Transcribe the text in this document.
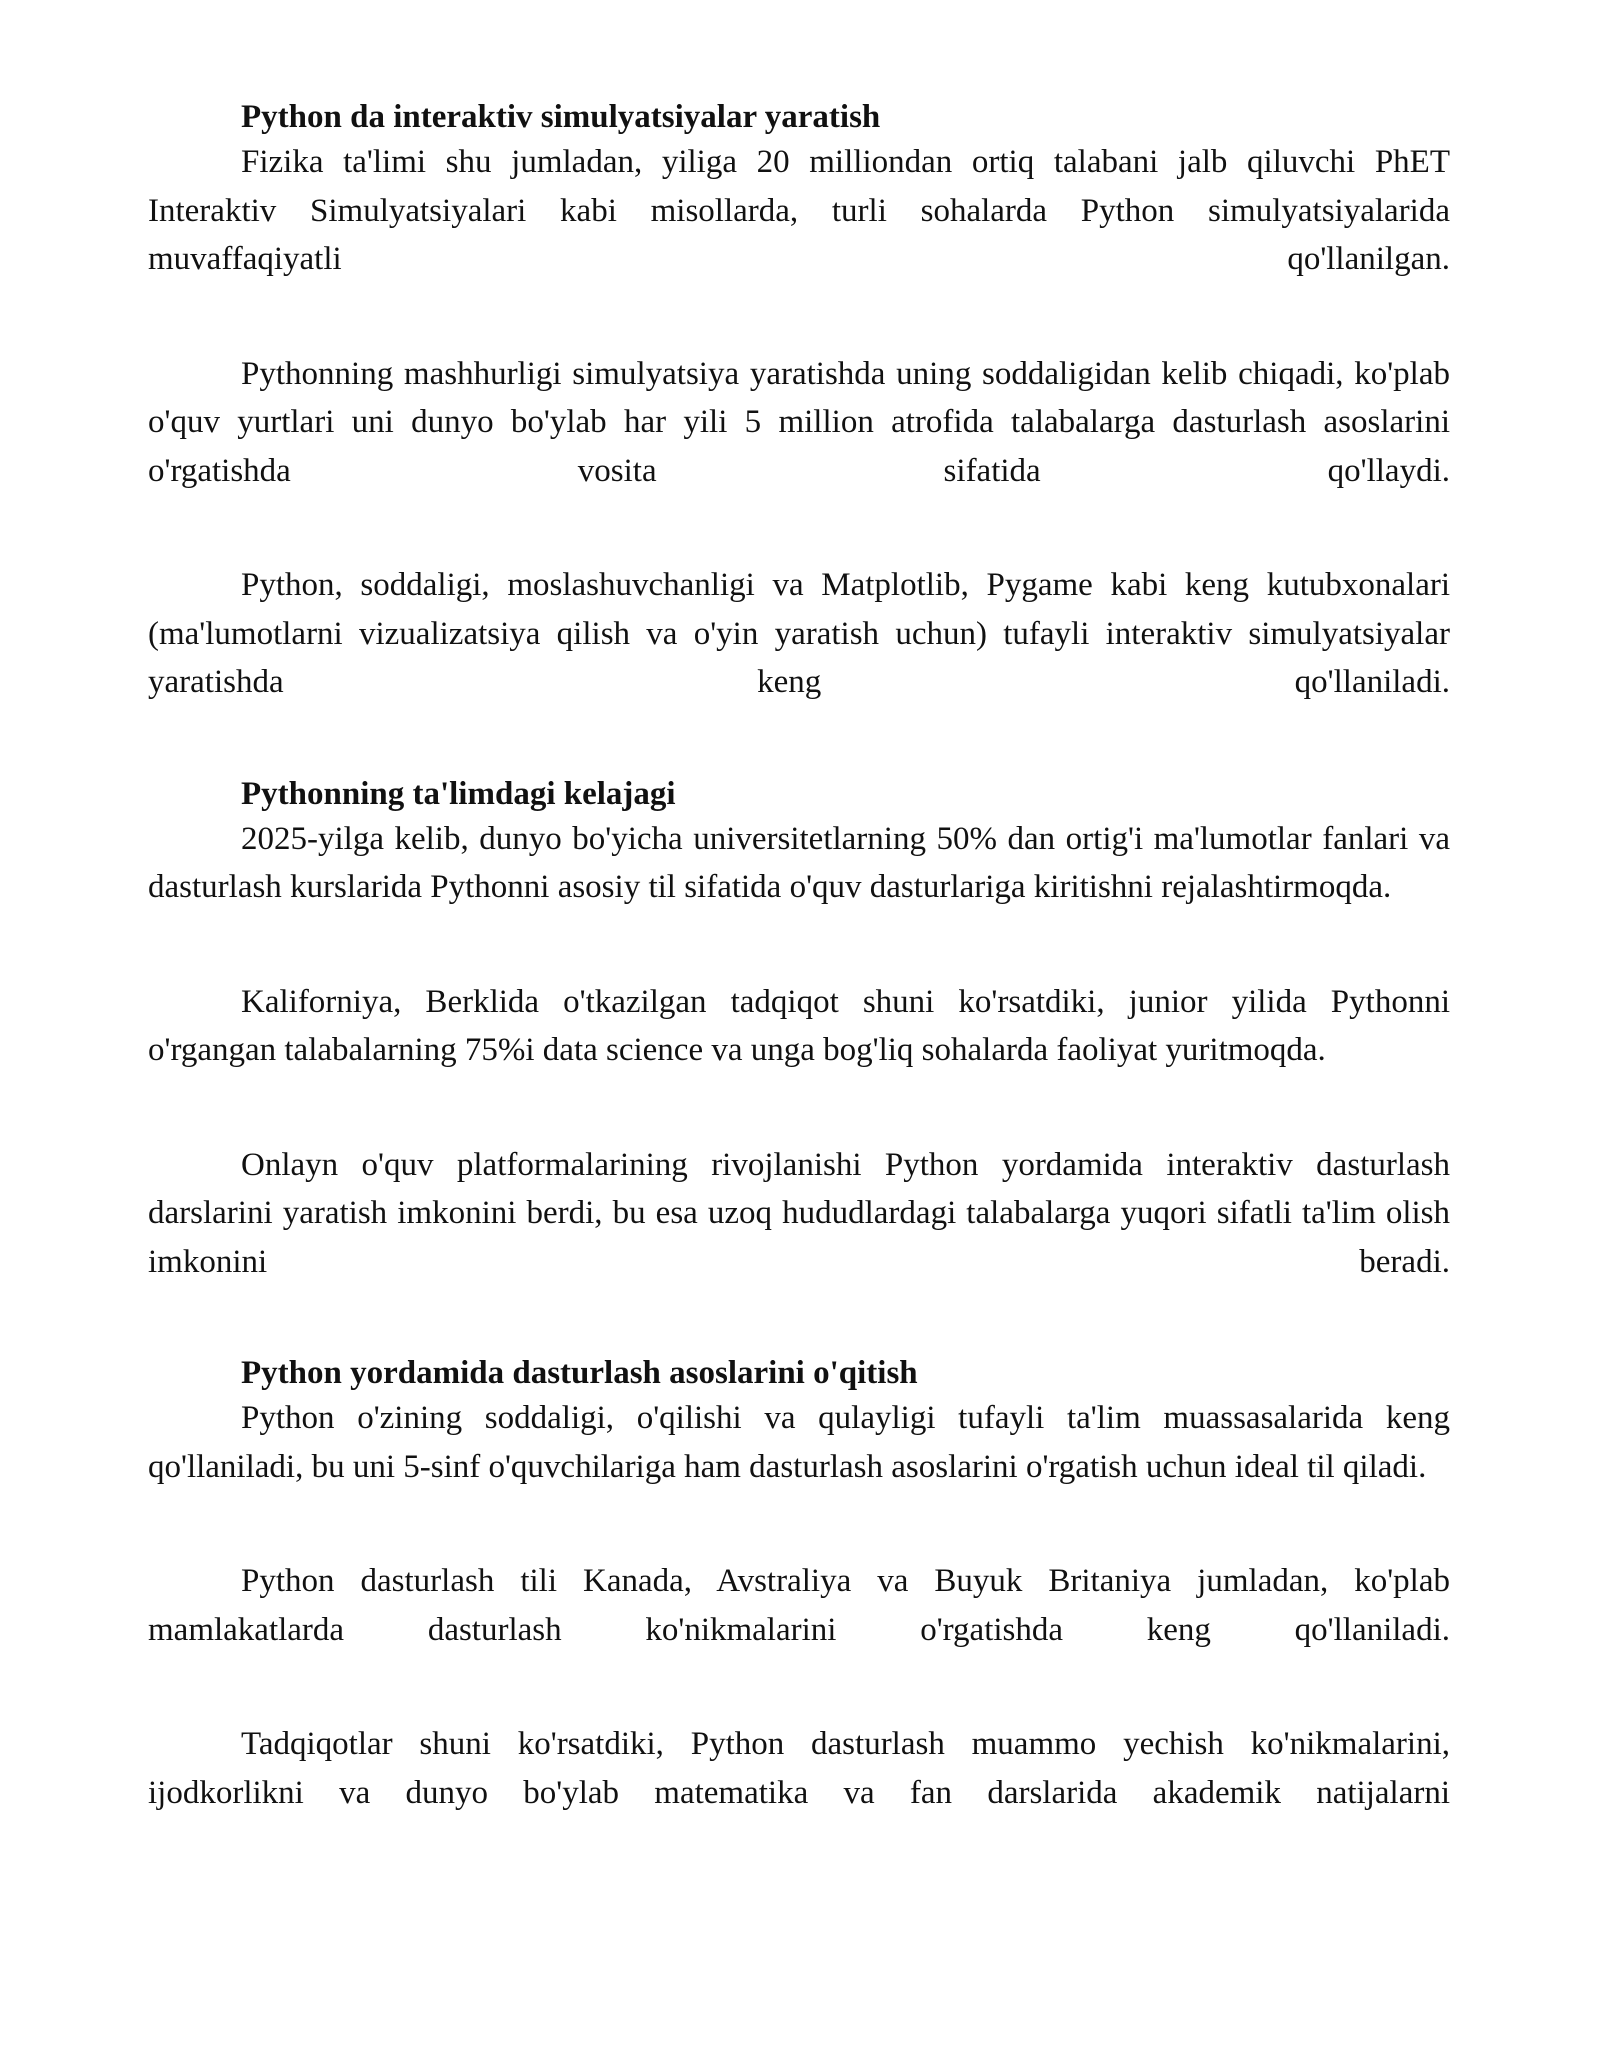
Python da interaktiv simulyatsiyalar yaratish

Fizika ta'limi shu jumladan, yiliga 20 milliondan ortiq talabani jalb qiluvchi PhET Interaktiv Simulyatsiyalari kabi misollarda, turli sohalarda Python simulyatsiyalarida muvaffaqiyatli qo'llanilgan.

Pythonning mashhurligi simulyatsiya yaratishda uning soddaligidan kelib chiqadi, ko'plab o'quv yurtlari uni dunyo bo'ylab har yili 5 million atrofida talabalarga dasturlash asoslarini o'rgatishda vosita sifatida qo'llaydi.

Python, soddaligi, moslashuvchanligi va Matplotlib, Pygame kabi keng kutubxonalari (ma'lumotlarni vizualizatsiya qilish va o'yin yaratish uchun) tufayli interaktiv simulyatsiyalar yaratishda keng qo'llaniladi.

Pythonning ta'limdagi kelajagi

2025-yilga kelib, dunyo bo'yicha universitetlarning 50% dan ortig'i ma'lumotlar fanlari va dasturlash kurslarida Pythonni asosiy til sifatida o'quv dasturlariga kiritishni rejalashtirmoqda.

Kaliforniya, Berklida o'tkazilgan tadqiqot shuni ko'rsatdiki, junior yilida Pythonni o'rgangan talabalarning 75%i data science va unga bog'liq sohalarda faoliyat yuritmoqda.

Onlayn o'quv platformalarining rivojlanishi Python yordamida interaktiv dasturlash darslarini yaratish imkonini berdi, bu esa uzoq hududlardagi talabalarga yuqori sifatli ta'lim olish imkonini beradi.

Python yordamida dasturlash asoslarini o'qitish

Python o'zining soddaligi, o'qilishi va qulayligi tufayli ta'lim muassasalarida keng qo'llaniladi, bu uni 5-sinf o'quvchilariga ham dasturlash asoslarini o'rgatish uchun ideal til qiladi.

Python dasturlash tili Kanada, Avstraliya va Buyuk Britaniya jumladan, ko'plab mamlakatlarda dasturlash ko'nikmalarini o'rgatishda keng qo'llaniladi.

Tadqiqotlar shuni ko'rsatdiki, Python dasturlash muammo yechish ko'nikmalarini, ijodkorlikni va dunyo bo'ylab matematika va fan darslarida akademik natijalarni
